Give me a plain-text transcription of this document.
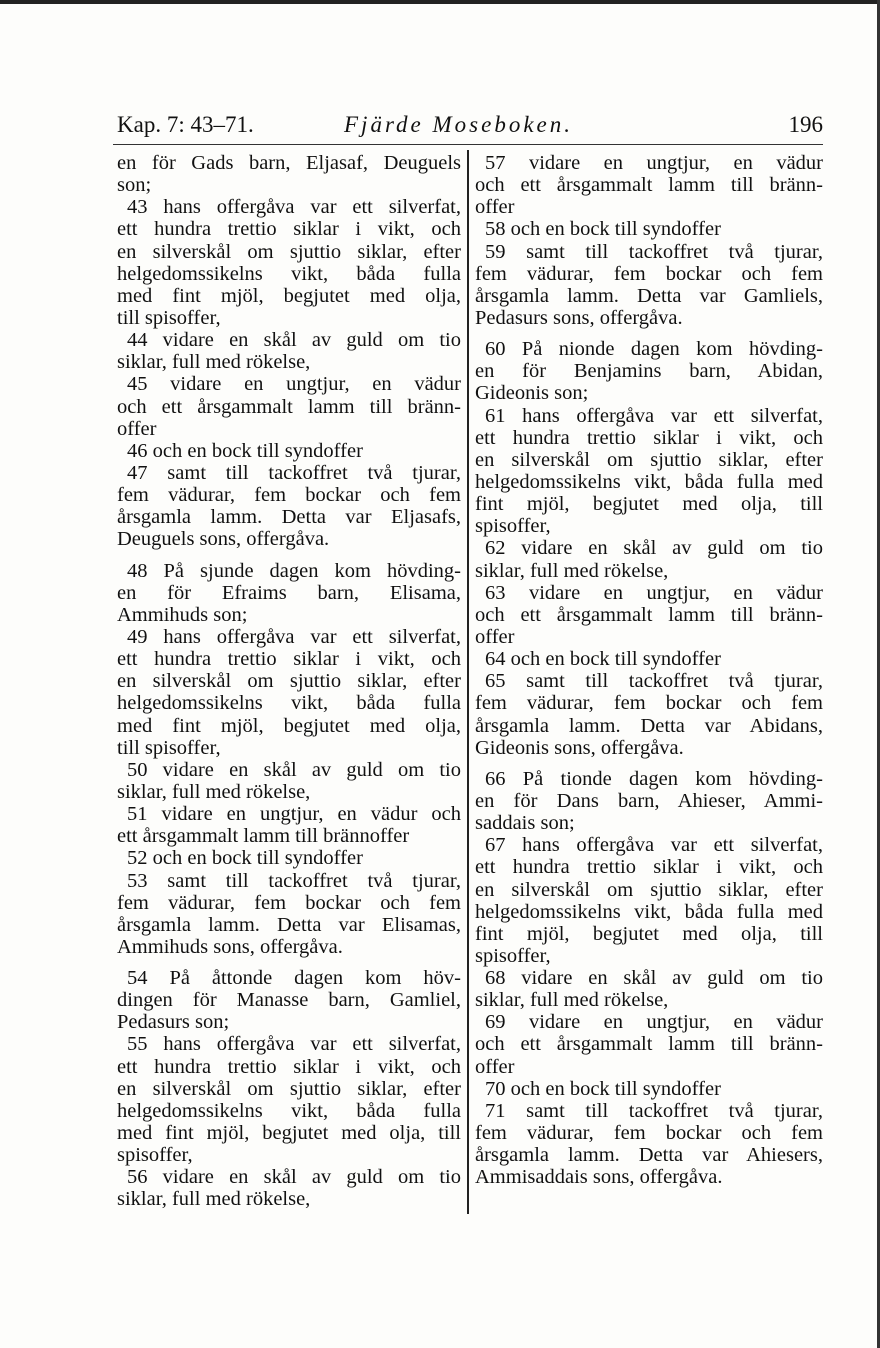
Kap. 7: 43–71.	Fjärde Moseboken.	196
en för Gads barn, Eljasaf, Deuguels
son;
43 hans offergåva var ett silverfat,
ett hundra trettio siklar i vikt, och
en silverskål om sjuttio siklar, efter
helgedomssikelns vikt, båda fulla
med fint mjöl, begjutet med olja,
till spisoffer,
44 vidare en skål av guld om tio
siklar, full med rökelse,
45 vidare en ungtjur, en vädur
och ett årsgammalt lamm till bränn-
offer
46 och en bock till syndoffer
47 samt till tackoffret två tjurar,
fem vädurar, fem bockar och fem
årsgamla lamm. Detta var Eljasafs,
Deuguels sons, offergåva.
48 På sjunde dagen kom hövding-
en för Efraims barn, Elisama,
Ammihuds son;
49 hans offergåva var ett silverfat,
ett hundra trettio siklar i vikt, och
en silverskål om sjuttio siklar, efter
helgedomssikelns vikt, båda fulla
med fint mjöl, begjutet med olja,
till spisoffer,
50 vidare en skål av guld om tio
siklar, full med rökelse,
51 vidare en ungtjur, en vädur och
ett årsgammalt lamm till brännoffer
52 och en bock till syndoffer
53 samt till tackoffret två tjurar,
fem vädurar, fem bockar och fem
årsgamla lamm. Detta var Elisamas,
Ammihuds sons, offergåva.
54 På åttonde dagen kom höv-
dingen för Manasse barn, Gamliel,
Pedasurs son;
55 hans offergåva var ett silverfat,
ett hundra trettio siklar i vikt, och
en silverskål om sjuttio siklar, efter
helgedomssikelns vikt, båda fulla
med fint mjöl, begjutet med olja, till
spisoffer,
56 vidare en skål av guld om tio
siklar, full med rökelse,
57 vidare en ungtjur, en vädur
och ett årsgammalt lamm till bränn-
offer
58 och en bock till syndoffer
59 samt till tackoffret två tjurar,
fem vädurar, fem bockar och fem
årsgamla lamm. Detta var Gamliels,
Pedasurs sons, offergåva.
60 På nionde dagen kom hövding-
en för Benjamins barn, Abidan,
Gideonis son;
61 hans offergåva var ett silverfat,
ett hundra trettio siklar i vikt, och
en silverskål om sjuttio siklar, efter
helgedomssikelns vikt, båda fulla med
fint mjöl, begjutet med olja, till
spisoffer,
62 vidare en skål av guld om tio
siklar, full med rökelse,
63 vidare en ungtjur, en vädur
och ett årsgammalt lamm till bränn-
offer
64 och en bock till syndoffer
65 samt till tackoffret två tjurar,
fem vädurar, fem bockar och fem
årsgamla lamm. Detta var Abidans,
Gideonis sons, offergåva.
66 På tionde dagen kom hövding-
en för Dans barn, Ahieser, Ammi-
saddais son;
67 hans offergåva var ett silverfat,
ett hundra trettio siklar i vikt, och
en silverskål om sjuttio siklar, efter
helgedomssikelns vikt, båda fulla med
fint mjöl, begjutet med olja, till
spisoffer,
68 vidare en skål av guld om tio
siklar, full med rökelse,
69 vidare en ungtjur, en vädur
och ett årsgammalt lamm till bränn-
offer
70 och en bock till syndoffer
71 samt till tackoffret två tjurar,
fem vädurar, fem bockar och fem
årsgamla lamm. Detta var Ahiesers,
Ammisaddais sons, offergåva.
